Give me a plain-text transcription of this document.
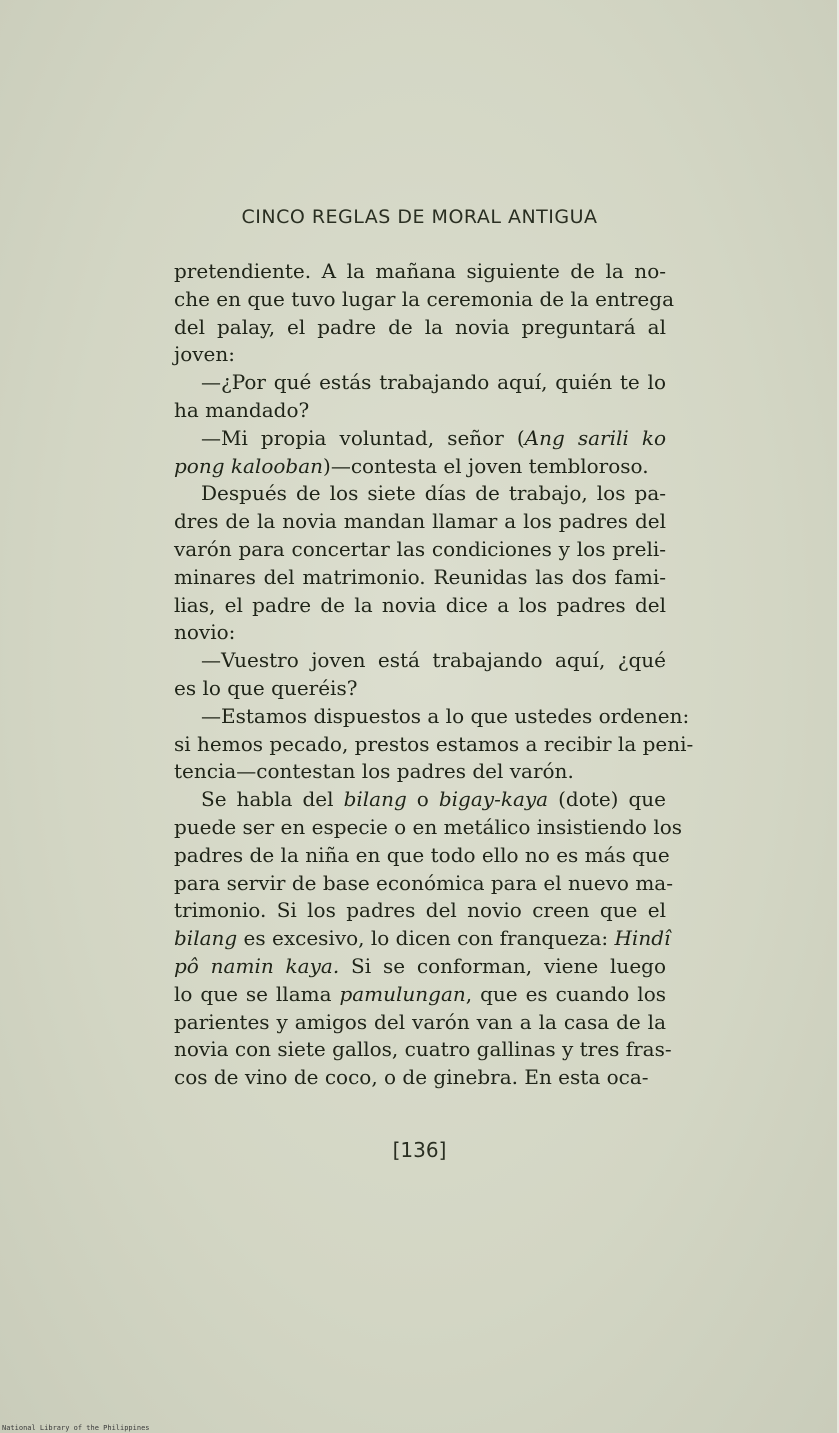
CINCO REGLAS DE MORAL ANTIGUA
pretendiente. A la mañana siguiente de la no-
che en que tuvo lugar la ceremonia de la entrega
del palay, el padre de la novia preguntará al
joven:
—¿Por qué estás trabajando aquí, quién te lo
ha mandado?
—Mi propia voluntad, señor (Ang sarili ko
pong kalooban)—contesta el joven tembloroso.
Después de los siete días de trabajo, los pa-
dres de la novia mandan llamar a los padres del
varón para concertar las condiciones y los preli-
minares del matrimonio. Reunidas las dos fami-
lias, el padre de la novia dice a los padres del
novio:
—Vuestro joven está trabajando aquí, ¿qué
es lo que queréis?
—Estamos dispuestos a lo que ustedes ordenen:
si hemos pecado, prestos estamos a recibir la peni-
tencia—contestan los padres del varón.
Se habla del bilang o bigay-kaya (dote) que
puede ser en especie o en metálico insistiendo los
padres de la niña en que todo ello no es más que
para servir de base económica para el nuevo ma-
trimonio. Si los padres del novio creen que el
bilang es excesivo, lo dicen con franqueza: Hindî
pô namin kaya. Si se conforman, viene luego
lo que se llama pamulungan, que es cuando los
parientes y amigos del varón van a la casa de la
novia con siete gallos, cuatro gallinas y tres fras-
cos de vino de coco, o de ginebra. En esta oca-
[136]
National Library of the Philippines
